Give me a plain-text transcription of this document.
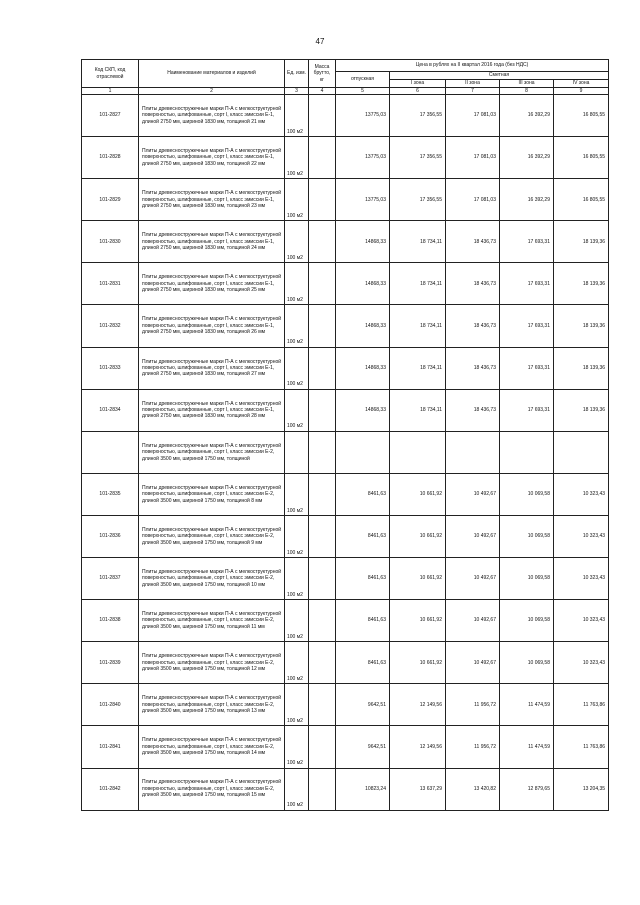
47
Код СКП, код отраслевой	Наименование материалов и изделий	Ед. изм.	Масса брутто, кг	Цена в рублях на II квартал 2016 года (без НДС)				
				отпускная	Сметная			
					I зона	II зона	III зона	IV зона
1	2	3	4	5	6	7	8	9
101-2827	Плиты древесностружечные марки П-А с мелкоструктурной поверхностью, шлифованные, сорт I, класс эмиссии Е-1, длиной 2750 мм, шириной 1830 мм, толщиной 21 мм	100 м2		13775,03	17 356,55	17 081,03	16 392,29	16 805,55
101-2828	Плиты древесностружечные марки П-А с мелкоструктурной поверхностью, шлифованные, сорт I, класс эмиссии Е-1, длиной 2750 мм, шириной 1830 мм, толщиной 22 мм	100 м2		13775,03	17 356,55	17 081,03	16 392,29	16 805,55
101-2829	Плиты древесностружечные марки П-А с мелкоструктурной поверхностью, шлифованные, сорт I, класс эмиссии Е-1, длиной 2750 мм, шириной 1830 мм, толщиной 23 мм	100 м2		13775,03	17 356,55	17 081,03	16 392,29	16 805,55
101-2830	Плиты древесностружечные марки П-А с мелкоструктурной поверхностью, шлифованные, сорт I, класс эмиссии Е-1, длиной 2750 мм, шириной 1830 мм, толщиной 24 мм	100 м2		14868,33	18 734,11	18 436,73	17 693,31	18 139,36
101-2831	Плиты древесностружечные марки П-А с мелкоструктурной поверхностью, шлифованные, сорт I, класс эмиссии Е-1, длиной 2750 мм, шириной 1830 мм, толщиной 25 мм	100 м2		14868,33	18 734,11	18 436,73	17 693,31	18 139,36
101-2832	Плиты древесностружечные марки П-А с мелкоструктурной поверхностью, шлифованные, сорт I, класс эмиссии Е-1, длиной 2750 мм, шириной 1830 мм, толщиной 26 мм	100 м2		14868,33	18 734,11	18 436,73	17 693,31	18 139,36
101-2833	Плиты древесностружечные марки П-А с мелкоструктурной поверхностью, шлифованные, сорт I, класс эмиссии Е-1, длиной 2750 мм, шириной 1830 мм, толщиной 27 мм	100 м2		14868,33	18 734,11	18 436,73	17 693,31	18 139,36
101-2834	Плиты древесностружечные марки П-А с мелкоструктурной поверхностью, шлифованные, сорт I, класс эмиссии Е-1, длиной 2750 мм, шириной 1830 мм, толщиной 28 мм	100 м2		14868,33	18 734,11	18 436,73	17 693,31	18 139,36
	Плиты древесностружечные марки П-А с мелкоструктурной поверхностью, шлифованные, сорт I, класс эмиссии Е-2, длиной 3500 мм, шириной 1750 мм, толщиной							
101-2835	Плиты древесностружечные марки П-А с мелкоструктурной поверхностью, шлифованные, сорт I, класс эмиссии Е-2, длиной 3500 мм, шириной 1750 мм, толщиной 8 мм	100 м2		8461,63	10 661,92	10 492,67	10 069,58	10 323,43
101-2836	Плиты древесностружечные марки П-А с мелкоструктурной поверхностью, шлифованные, сорт I, класс эмиссии Е-2, длиной 3500 мм, шириной 1750 мм, толщиной 9 мм	100 м2		8461,63	10 661,92	10 492,67	10 069,58	10 323,43
101-2837	Плиты древесностружечные марки П-А с мелкоструктурной поверхностью, шлифованные, сорт I, класс эмиссии Е-2, длиной 3500 мм, шириной 1750 мм, толщиной 10 мм	100 м2		8461,63	10 661,92	10 492,67	10 069,58	10 323,43
101-2838	Плиты древесностружечные марки П-А с мелкоструктурной поверхностью, шлифованные, сорт I, класс эмиссии Е-2, длиной 3500 мм, шириной 1750 мм, толщиной 11 мм	100 м2		8461,63	10 661,92	10 492,67	10 069,58	10 323,43
101-2839	Плиты древесностружечные марки П-А с мелкоструктурной поверхностью, шлифованные, сорт I, класс эмиссии Е-2, длиной 3500 мм, шириной 1750 мм, толщиной 12 мм	100 м2		8461,63	10 661,92	10 492,67	10 069,58	10 323,43
101-2840	Плиты древесностружечные марки П-А с мелкоструктурной поверхностью, шлифованные, сорт I, класс эмиссии Е-2, длиной 3500 мм, шириной 1750 мм, толщиной 13 мм	100 м2		9642,51	12 149,56	11 956,72	11 474,59	11 763,86
101-2841	Плиты древесностружечные марки П-А с мелкоструктурной поверхностью, шлифованные, сорт I, класс эмиссии Е-2, длиной 3500 мм, шириной 1750 мм, толщиной 14 мм	100 м2		9642,51	12 149,56	11 956,72	11 474,59	11 763,86
101-2842	Плиты древесностружечные марки П-А с мелкоструктурной поверхностью, шлифованные, сорт I, класс эмиссии Е-2, длиной 3500 мм, шириной 1750 мм, толщиной 15 мм	100 м2		10823,24	13 637,29	13 420,82	12 879,65	13 204,35
